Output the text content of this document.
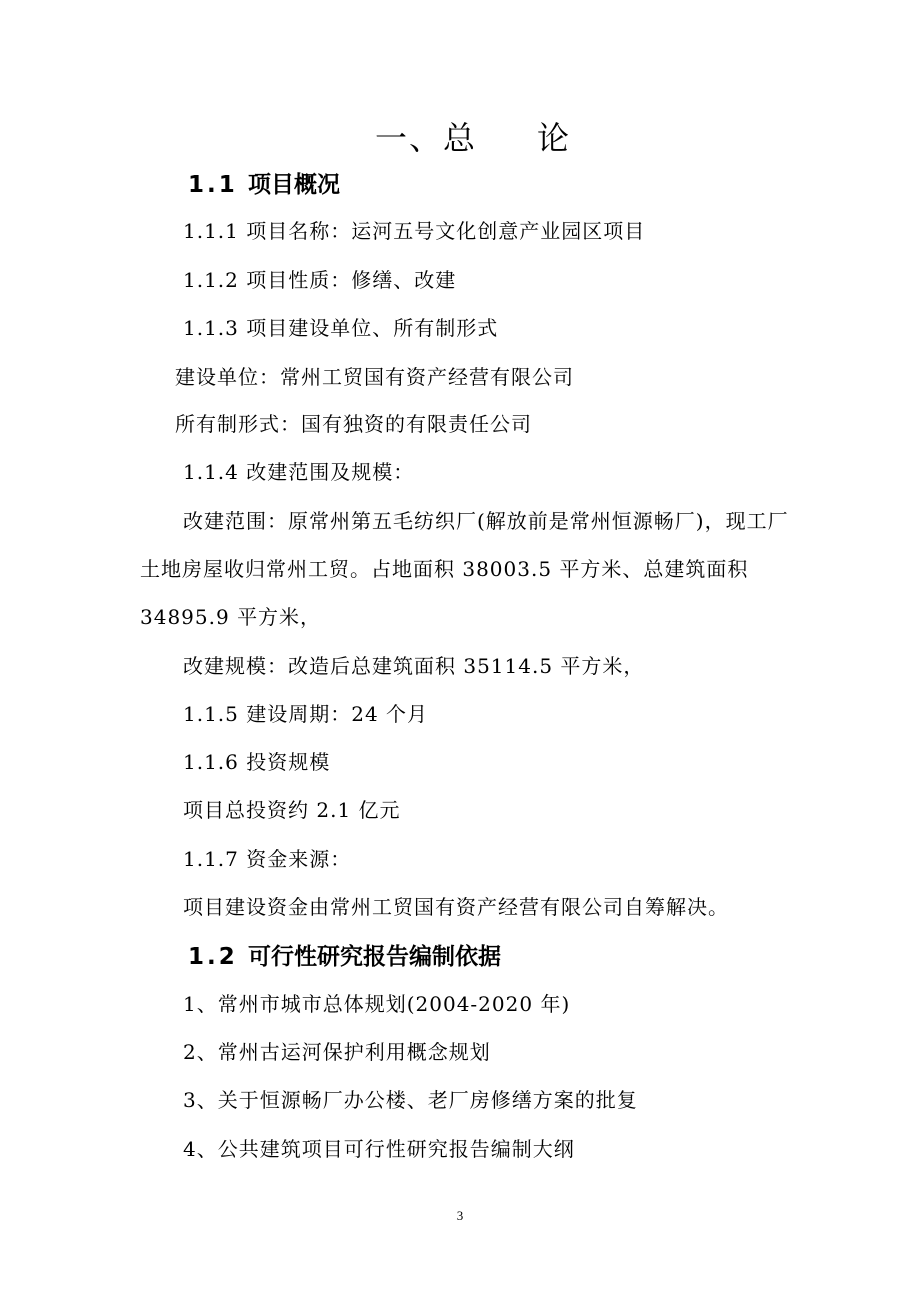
一、总 论
1.1 项目概况
1.1.1 项目名称：运河五号文化创意产业园区项目
1.1.2 项目性质：修缮、改建
1.1.3 项目建设单位、所有制形式
建设单位：常州工贸国有资产经营有限公司
所有制形式：国有独资的有限责任公司
1.1.4 改建范围及规模：
改建范围：原常州第五毛纺织厂(解放前是常州恒源畅厂)，现工厂
土地房屋收归常州工贸。占地面积 38003.5 平方米、总建筑面积
34895.9 平方米，
改建规模：改造后总建筑面积 35114.5 平方米，
1.1.5 建设周期：24 个月
1.1.6 投资规模
项目总投资约 2.1 亿元
1.1.7 资金来源：
项目建设资金由常州工贸国有资产经营有限公司自筹解决。
1.2 可行性研究报告编制依据
1、常州市城市总体规划(2004-2020 年)
2、常州古运河保护利用概念规划
3、关于恒源畅厂办公楼、老厂房修缮方案的批复
4、公共建筑项目可行性研究报告编制大纲
3
